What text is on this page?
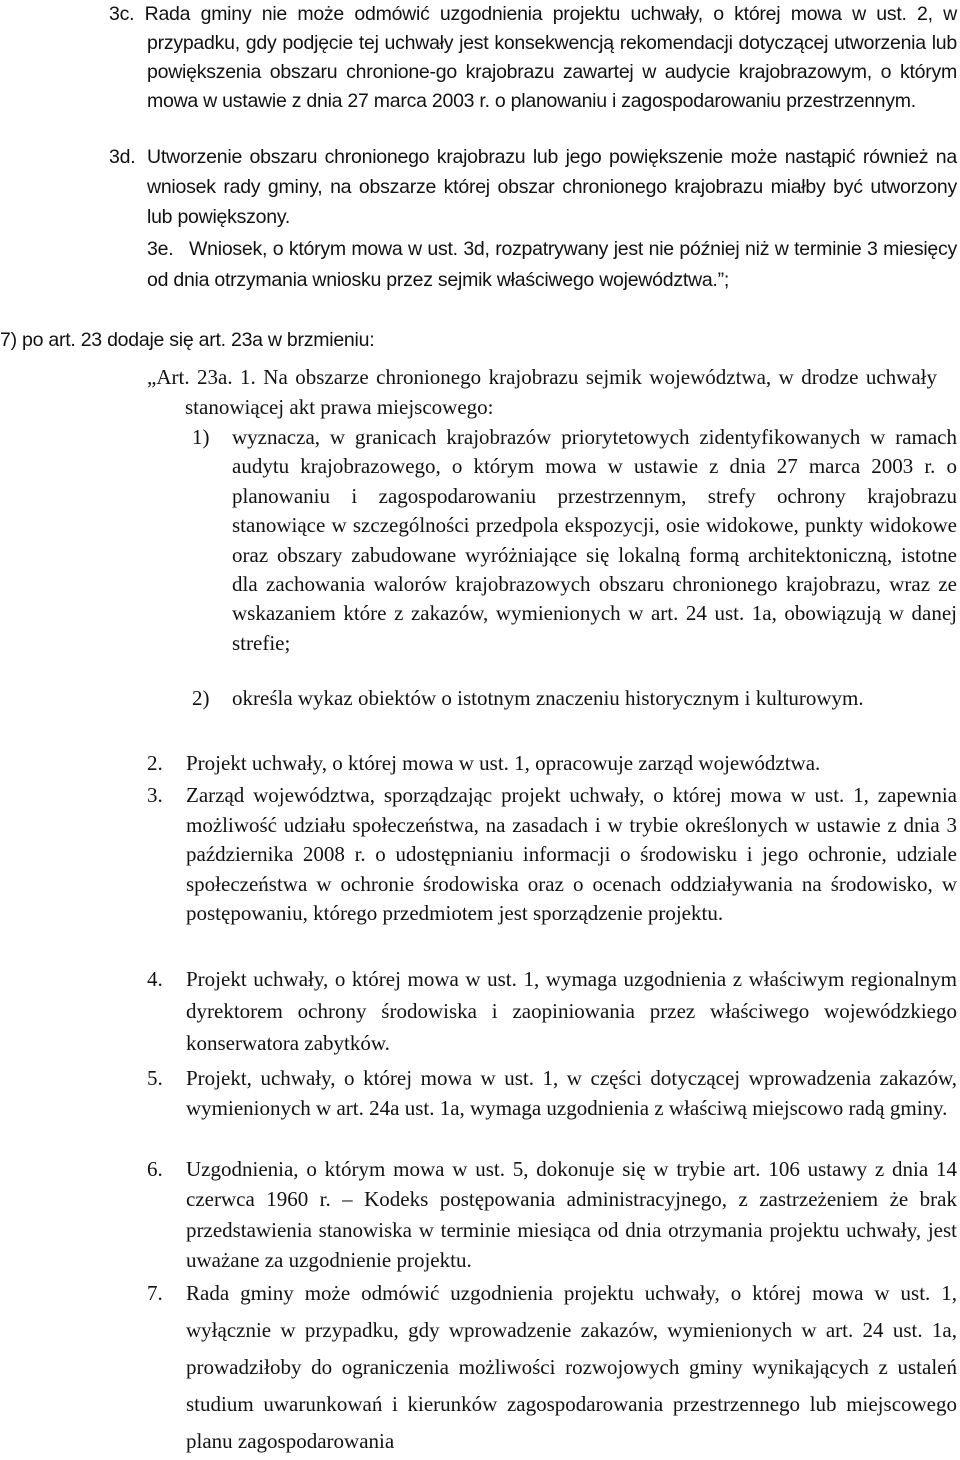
3c. Rada gminy nie może odmówić uzgodnienia projektu uchwały, o której mowa w ust. 2, w przypadku, gdy podjęcie tej uchwały jest konsekwencją rekomendacji dotyczącej utworzenia lub powiększenia obszaru chronione-go krajobrazu zawartej w audycie krajobrazowym, o którym mowa w ustawie z dnia 27 marca 2003 r. o planowaniu i zagospodarowaniu przestrzennym.

3d. Utworzenie obszaru chronionego krajobrazu lub jego powiększenie może nastąpić również na wniosek rady gminy, na obszarze której obszar chronionego krajobrazu miałby być utworzony lub powiększony.

3e. Wniosek, o którym mowa w ust. 3d, rozpatrywany jest nie później niż w terminie 3 miesięcy od dnia otrzymania wniosku przez sejmik właściwego województwa.”;

7) po art. 23 dodaje się art. 23a w brzmieniu:

„Art. 23a. 1. Na obszarze chronionego krajobrazu sejmik województwa, w drodze uchwały stanowiącej akt prawa miejscowego:

1) wyznacza, w granicach krajobrazów priorytetowych zidentyfikowanych w ramach audytu krajobrazowego, o którym mowa w ustawie z dnia 27 marca 2003 r. o planowaniu i zagospodarowaniu przestrzennym, strefy ochrony krajobrazu stanowiące w szczególności przedpola ekspozycji, osie widokowe, punkty widokowe oraz obszary zabudowane wyróżniające się lokalną formą architektoniczną, istotne dla zachowania walorów krajobrazowych obszaru chronionego krajobrazu, wraz ze wskazaniem które z zakazów, wymienionych w art. 24 ust. 1a, obowiązują w danej strefie;

2) określa wykaz obiektów o istotnym znaczeniu historycznym i kulturowym.

2. Projekt uchwały, o której mowa w ust. 1, opracowuje zarząd województwa.

3. Zarząd województwa, sporządzając projekt uchwały, o której mowa w ust. 1, zapewnia możliwość udziału społeczeństwa, na zasadach i w trybie określonych w ustawie z dnia 3 października 2008 r. o udostępnianiu informacji o środowisku i jego ochronie, udziale społeczeństwa w ochronie środowiska oraz o ocenach oddziaływania na środowisko, w postępowaniu, którego przedmiotem jest sporządzenie projektu.

4. Projekt uchwały, o której mowa w ust. 1, wymaga uzgodnienia z właściwym regionalnym dyrektorem ochrony środowiska i zaopiniowania przez właściwego wojewódzkiego konserwatora zabytków.

5. Projekt, uchwały, o której mowa w ust. 1, w części dotyczącej wprowadzenia zakazów, wymienionych w art. 24a ust. 1a, wymaga uzgodnienia z właściwą miejscowo radą gminy.

6. Uzgodnienia, o którym mowa w ust. 5, dokonuje się w trybie art. 106 ustawy z dnia 14 czerwca 1960 r. – Kodeks postępowania administracyjnego, z zastrzeżeniem że brak przedstawienia stanowiska w terminie miesiąca od dnia otrzymania projektu uchwały, jest uważane za uzgodnienie projektu.

7. Rada gminy może odmówić uzgodnienia projektu uchwały, o której mowa w ust. 1, wyłącznie w przypadku, gdy wprowadzenie zakazów, wymienionych w art. 24 ust. 1a, prowadziłoby do ograniczenia możliwości rozwojowych gminy wynikających z ustaleń studium uwarunkowań i kierunków zagospodarowania przestrzennego lub miejscowego planu zagospodarowania
